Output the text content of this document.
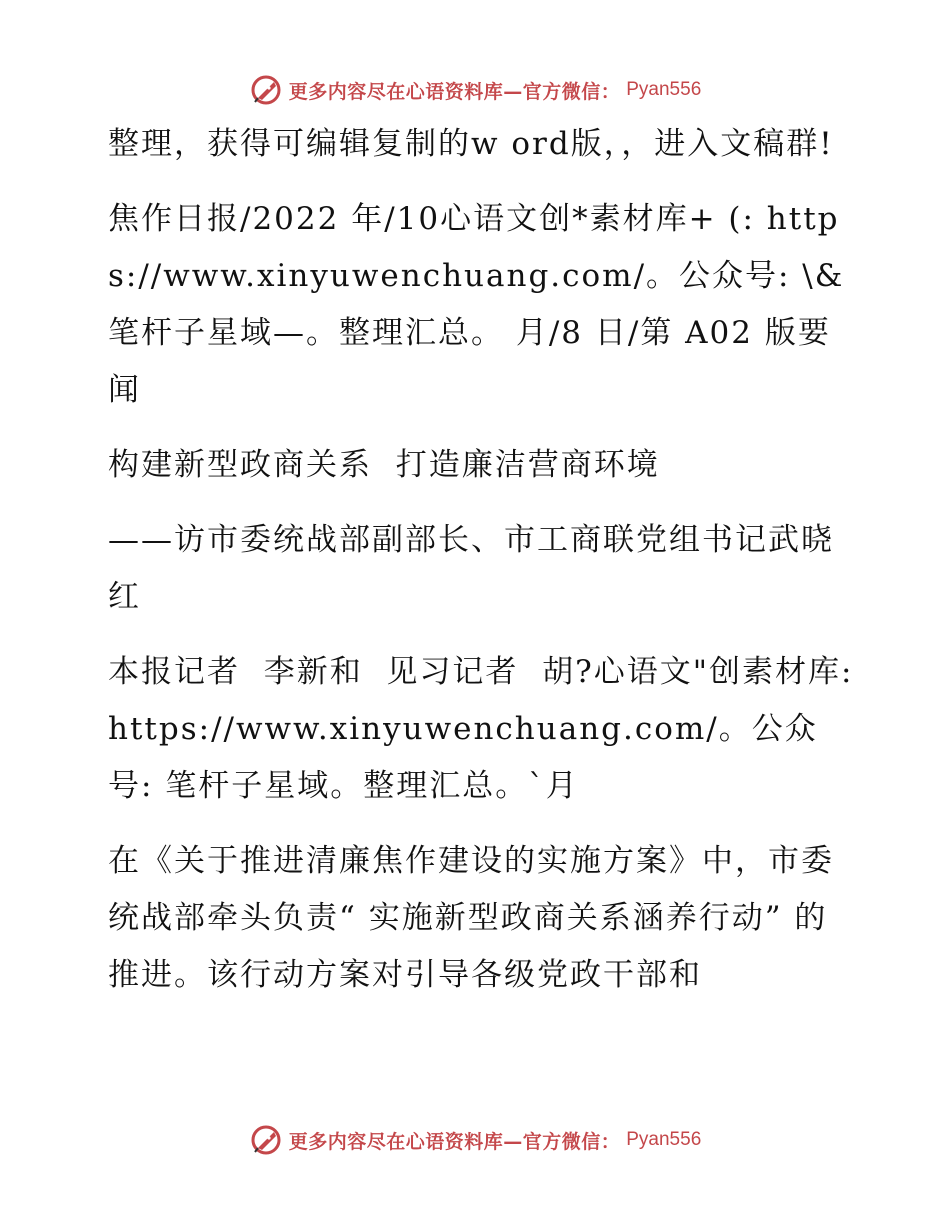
更多内容尽在心语资料库—官方微信： Pyan556

整理，获得可编辑复制的w ord版，，进入文稿群!

焦作日报/2022 年/10心语文创*素材库+ (: https://www.xinyuwenchuang.com/。公众号: \& 笔杆子星域—。整理汇总。 月/8 日/第 A02 版要闻

构建新型政商关系  打造廉洁营商环境

——访市委统战部副部长、市工商联党组书记武晓红

本报记者  李新和  见习记者  胡?心语文"创素材库: https://www.xinyuwenchuang.com/。公众号: 笔杆子星域。整理汇总。`月

在《关于推进清廉焦作建设的实施方案》中，市委统战部牵头负责“ 实施新型政商关系涵养行动” 的推进。该行动方案对引导各级党政干部和

更多内容尽在心语资料库—官方微信： Pyan556
